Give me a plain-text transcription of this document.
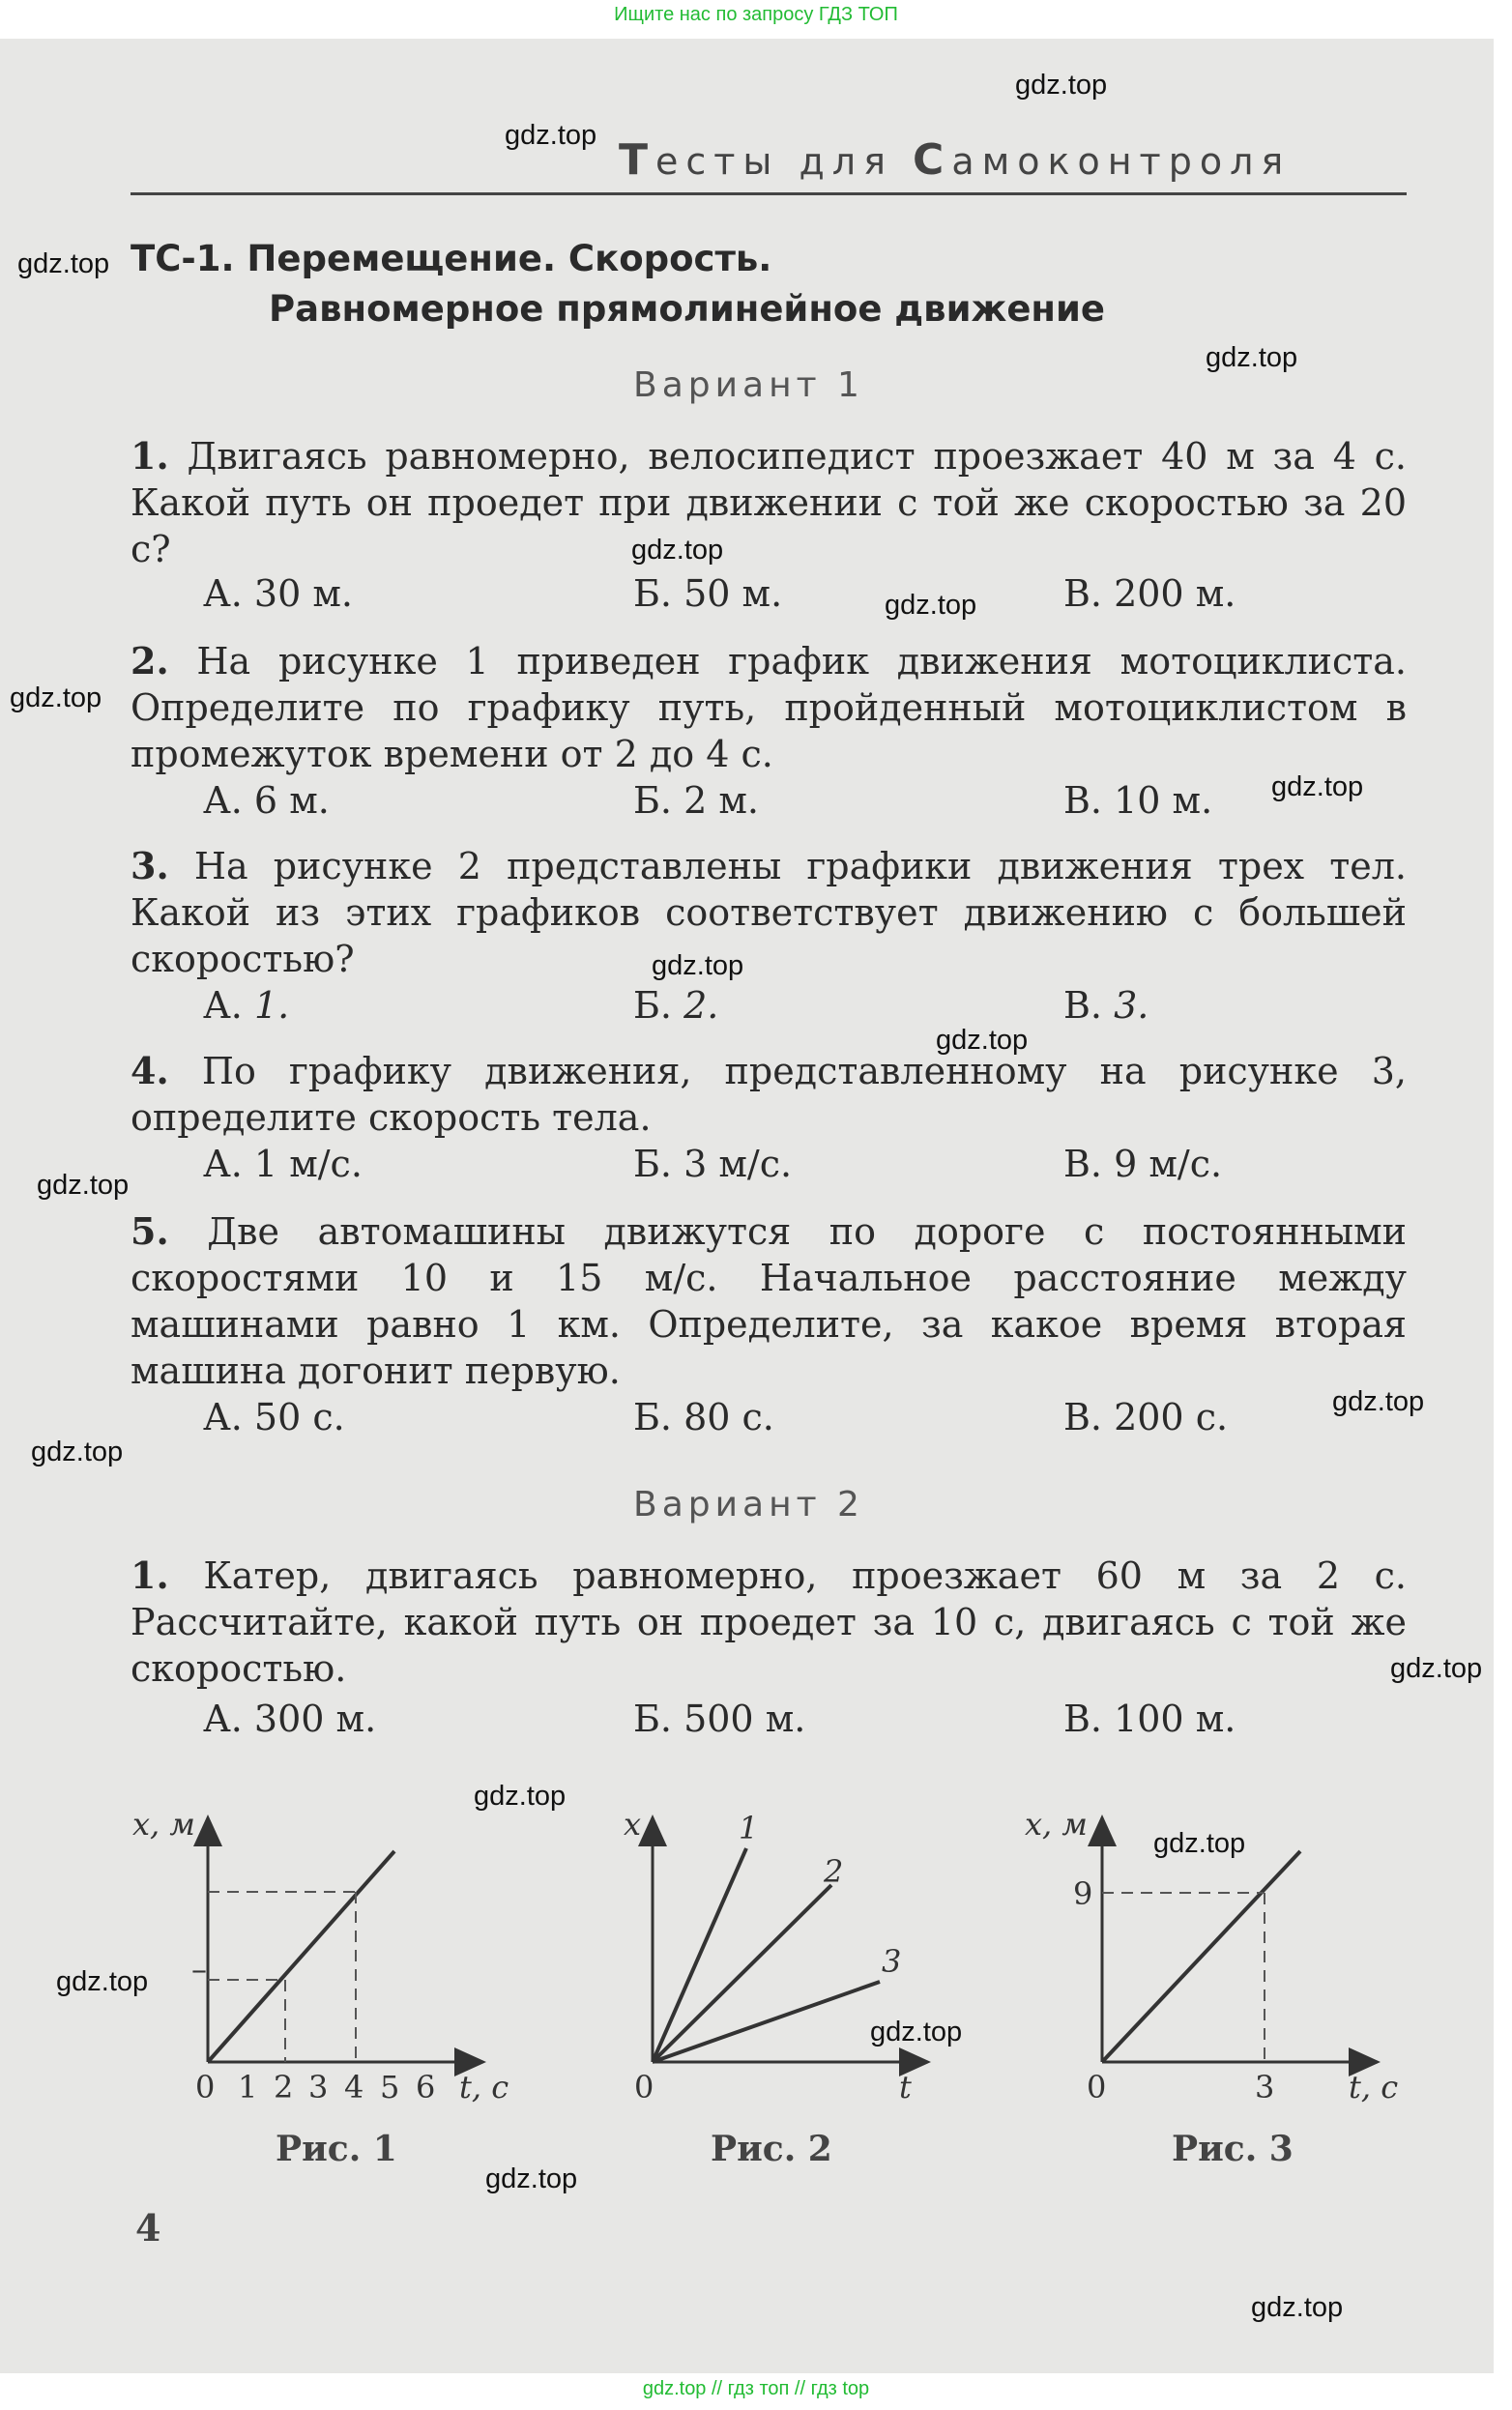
Ищите нас по запросу ГДЗ ТОП
gdz.top
gdz.top
gdz.top
gdz.top
gdz.top
gdz.top
gdz.top
gdz.top
gdz.top
gdz.top
gdz.top
gdz.top
gdz.top
gdz.top
gdz.top
gdz.top
gdz.top
gdz.top
gdz.top
gdz.top
Тесты для Самоконтроля
ТС-1. Перемещение. Скорость.
Равномерное прямолинейное движение
Вариант 1
1. Двигаясь равномерно, велосипедист проезжает 40 м за 4 с. Какой путь он проедет при движении с той же скоростью за 20 с?
А. 30 м.	Б. 50 м.	В. 200 м.
2. На рисунке 1 приведен график движения мотоциклиста. Определите по графику путь, пройденный мотоциклистом в промежуток времени от 2 до 4 с.
А. 6 м.	Б. 2 м.	В. 10 м.
3. На рисунке 2 представлены графики движения трех тел. Какой из этих графиков соответствует движению с большей скоростью?
А. 1.	Б. 2.	В. 3.
4. По графику движения, представленному на рисунке 3, определите скорость тела.
А. 1 м/с.	Б. 3 м/с.	В. 9 м/с.
5. Две автомашины движутся по дороге с постоянными скоростями 10 и 15 м/с. Начальное расстояние между машинами равно 1 км. Определите, за какое время вторая машина догонит первую.
А. 50 с.	Б. 80 с.	В. 200 с.
Вариант 2
1. Катер, двигаясь равномерно, проезжает 60 м за 2 с. Рассчитайте, какой путь он проедет за 10 с, двигаясь с той же скоростью.
А. 300 м.	Б. 500 м.	В. 100 м.
x, м
–
0 1 2 3 4 5 6 t, с
x	1
2
3
0	t
x, м
9
0	3 t, с
Рис. 1	Рис. 2	Рис. 3
4
gdz.top // гдз топ // гдз top
